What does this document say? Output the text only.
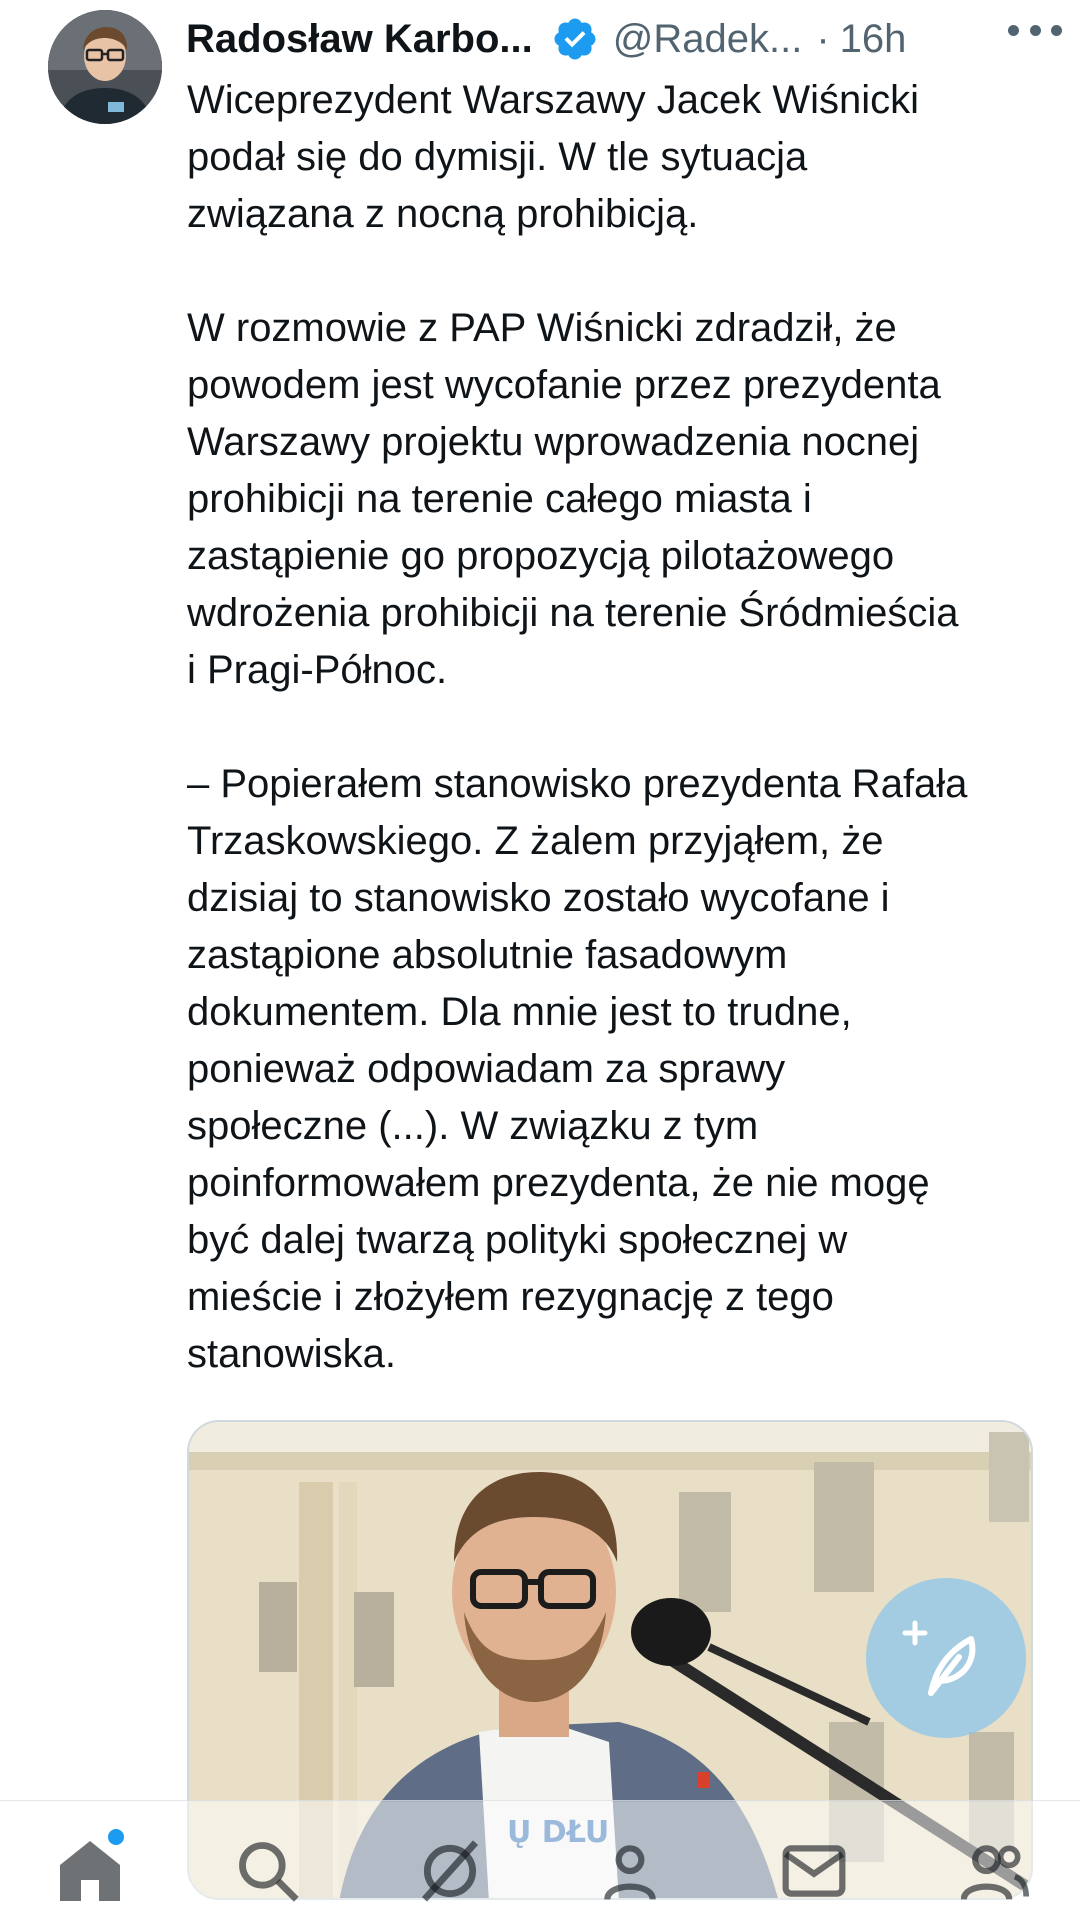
Radosław Karbo... @Radek... · 16h

Wiceprezydent Warszawy Jacek Wiśnicki
podał się do dymisji. W tle sytuacja
związana z nocną prohibicją.

W rozmowie z PAP Wiśnicki zdradził, że
powodem jest wycofanie przez prezydenta
Warszawy projektu wprowadzenia nocnej
prohibicji na terenie całego miasta i
zastąpienie go propozycją pilotażowego
wdrożenia prohibicji na terenie Śródmieścia
i Pragi-Północ.

– Popierałem stanowisko prezydenta Rafała
Trzaskowskiego. Z żalem przyjąłem, że
dzisiaj to stanowisko zostało wycofane i
zastąpione absolutnie fasadowym
dokumentem. Dla mnie jest to trudne,
ponieważ odpowiadam za sprawy
społeczne (...). W związku z tym
poinformowałem prezydenta, że nie mogę
być dalej twarzą polityki społecznej w
mieście i złożyłem rezygnację z tego
stanowiska.

Ų DŁU
